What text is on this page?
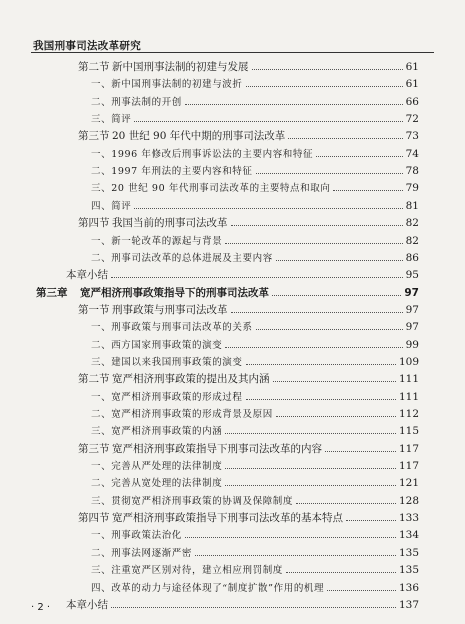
我国刑事司法改革研究
第二节 新中国刑事法制的初建与发展	61
一、新中国刑事法制的初建与波折	61
二、刑事法制的开创	66
三、简评	72
第三节 20 世纪 90 年代中期的刑事司法改革	73
一、1996 年修改后刑事诉讼法的主要内容和特征	74
二、1997 年刑法的主要内容和特征	78
三、20 世纪 90 年代刑事司法改革的主要特点和取向	79
四、简评	81
第四节 我国当前的刑事司法改革	82
一、新一轮改革的源起与背景	82
二、刑事司法改革的总体进展及主要内容	86
本章小结	95
第三章 宽严相济刑事政策指导下的刑事司法改革	97
第一节 刑事政策与刑事司法改革	97
一、刑事政策与刑事司法改革的关系	97
二、西方国家刑事政策的演变	99
三、建国以来我国刑事政策的演变	109
第二节 宽严相济刑事政策的提出及其内涵	111
一、宽严相济刑事政策的形成过程	111
二、宽严相济刑事政策的形成背景及原因	112
三、宽严相济刑事政策的内涵	115
第三节 宽严相济刑事政策指导下刑事司法改革的内容	117
一、完善从严处理的法律制度	117
二、完善从宽处理的法律制度	121
三、贯彻宽严相济刑事政策的协调及保障制度	128
第四节 宽严相济刑事政策指导下刑事司法改革的基本特点	133
一、刑事政策法治化	134
二、刑事法网逐渐严密	135
三、注重宽严区别对待，建立相应刑罚制度	135
四、改革的动力与途径体现了“制度扩散”作用的机理	136
本章小结	137
· 2 ·
